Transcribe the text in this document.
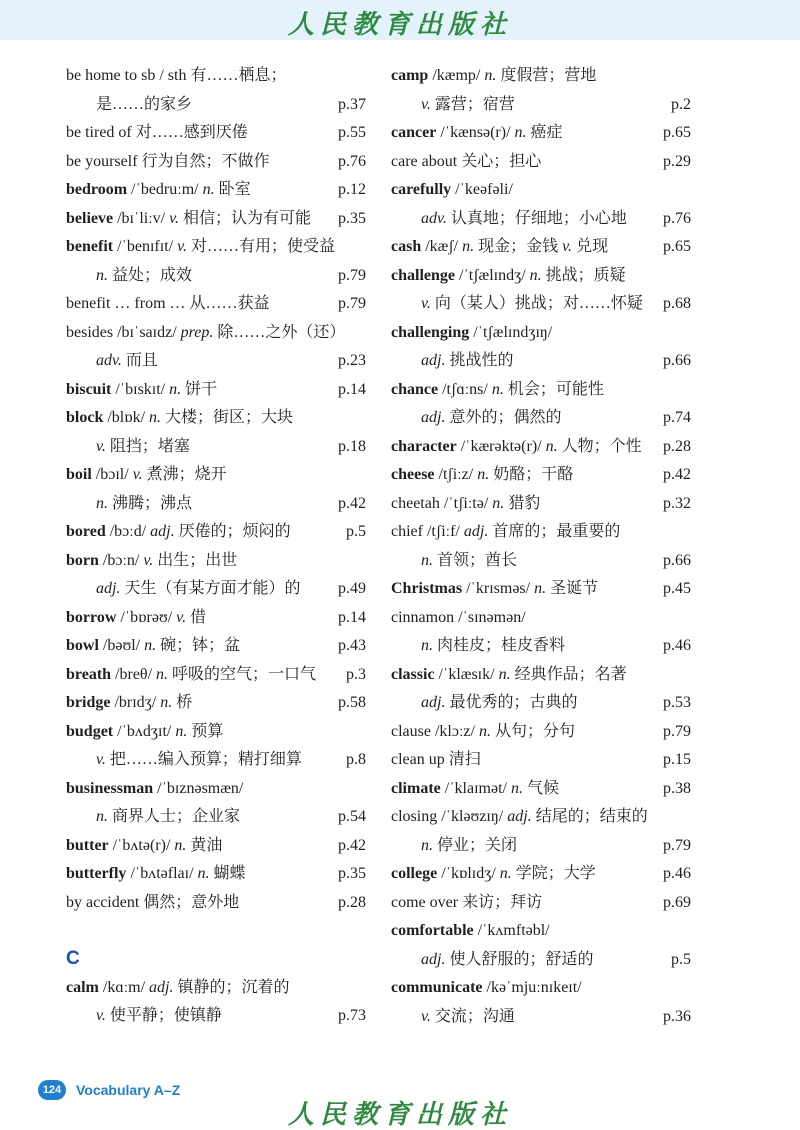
人民教育出版社
be home to sb / sth 有……栖息；
是……的家乡	p.37
be tired of 对……感到厌倦	p.55
be yourself 行为自然；不做作	p.76
bedroom /ˈbedruːm/ n. 卧室	p.12
believe /bɪˈliːv/ v. 相信；认为有可能 p.35
benefit /ˈbenɪfɪt/ v. 对……有用；使受益
n. 益处；成效	p.79
benefit … from … 从……获益	p.79
besides /bɪˈsaɪdz/ prep. 除……之外（还）
adv. 而且	p.23
biscuit /ˈbɪskɪt/ n. 饼干	p.14
block /blɒk/ n. 大楼；街区；大块
v. 阻挡；堵塞	p.18
boil /bɔɪl/ v. 煮沸；烧开
n. 沸腾；沸点	p.42
bored /bɔːd/ adj. 厌倦的；烦闷的	p.5
born /bɔːn/ v. 出生；出世
adj. 天生（有某方面才能）的 p.49
borrow /ˈbɒrəʊ/ v. 借	p.14
bowl /bəʊl/ n. 碗；钵；盆	p.43
breath /breθ/ n. 呼吸的空气；一口气 p.3
bridge /brɪdʒ/ n. 桥	p.58
budget /ˈbʌdʒɪt/ n. 预算
v. 把……编入预算；精打细算	p.8
businessman /ˈbɪznəsmæn/
n. 商界人士；企业家	p.54
butter /ˈbʌtə(r)/ n. 黄油	p.42
butterfly /ˈbʌtəflaɪ/ n. 蝴蝶	p.35
by accident 偶然；意外地	p.28
C
calm /kɑːm/ adj. 镇静的；沉着的
v. 使平静；使镇静	p.73
camp /kæmp/ n. 度假营；营地
v. 露营；宿营	p.2
cancer /ˈkænsə(r)/ n. 癌症	p.65
care about 关心；担心	p.29
carefully /ˈkeəfəli/
adv. 认真地；仔细地；小心地 p.76
cash /kæʃ/ n. 现金；金钱 v. 兑现	p.65
challenge /ˈtʃælɪndʒ/ n. 挑战；质疑
v. 向（某人）挑战；对……怀疑 p.68
challenging /ˈtʃælɪndʒɪŋ/
adj. 挑战性的	p.66
chance /tʃɑːns/ n. 机会；可能性
adj. 意外的；偶然的	p.74
character /ˈkærəktə(r)/ n. 人物；个性 p.28
cheese /tʃiːz/ n. 奶酪；干酪	p.42
cheetah /ˈtʃiːtə/ n. 猎豹	p.32
chief /tʃiːf/ adj. 首席的；最重要的
n. 首领；酋长	p.66
Christmas /ˈkrɪsməs/ n. 圣诞节	p.45
cinnamon /ˈsɪnəmən/
n. 肉桂皮；桂皮香料	p.46
classic /ˈklæsɪk/ n. 经典作品；名著
adj. 最优秀的；古典的	p.53
clause /klɔːz/ n. 从句；分句	p.79
clean up 清扫	p.15
climate /ˈklaɪmət/ n. 气候	p.38
closing /ˈkləʊzɪŋ/ adj. 结尾的；结束的
n. 停业；关闭	p.79
college /ˈkɒlɪdʒ/ n. 学院；大学	p.46
come over 来访；拜访	p.69
comfortable /ˈkʌmftəbl/
adj. 使人舒服的；舒适的	p.5
communicate /kəˈmjuːnɪkeɪt/
v. 交流；沟通	p.36
124	Vocabulary A–Z
人民教育出版社
